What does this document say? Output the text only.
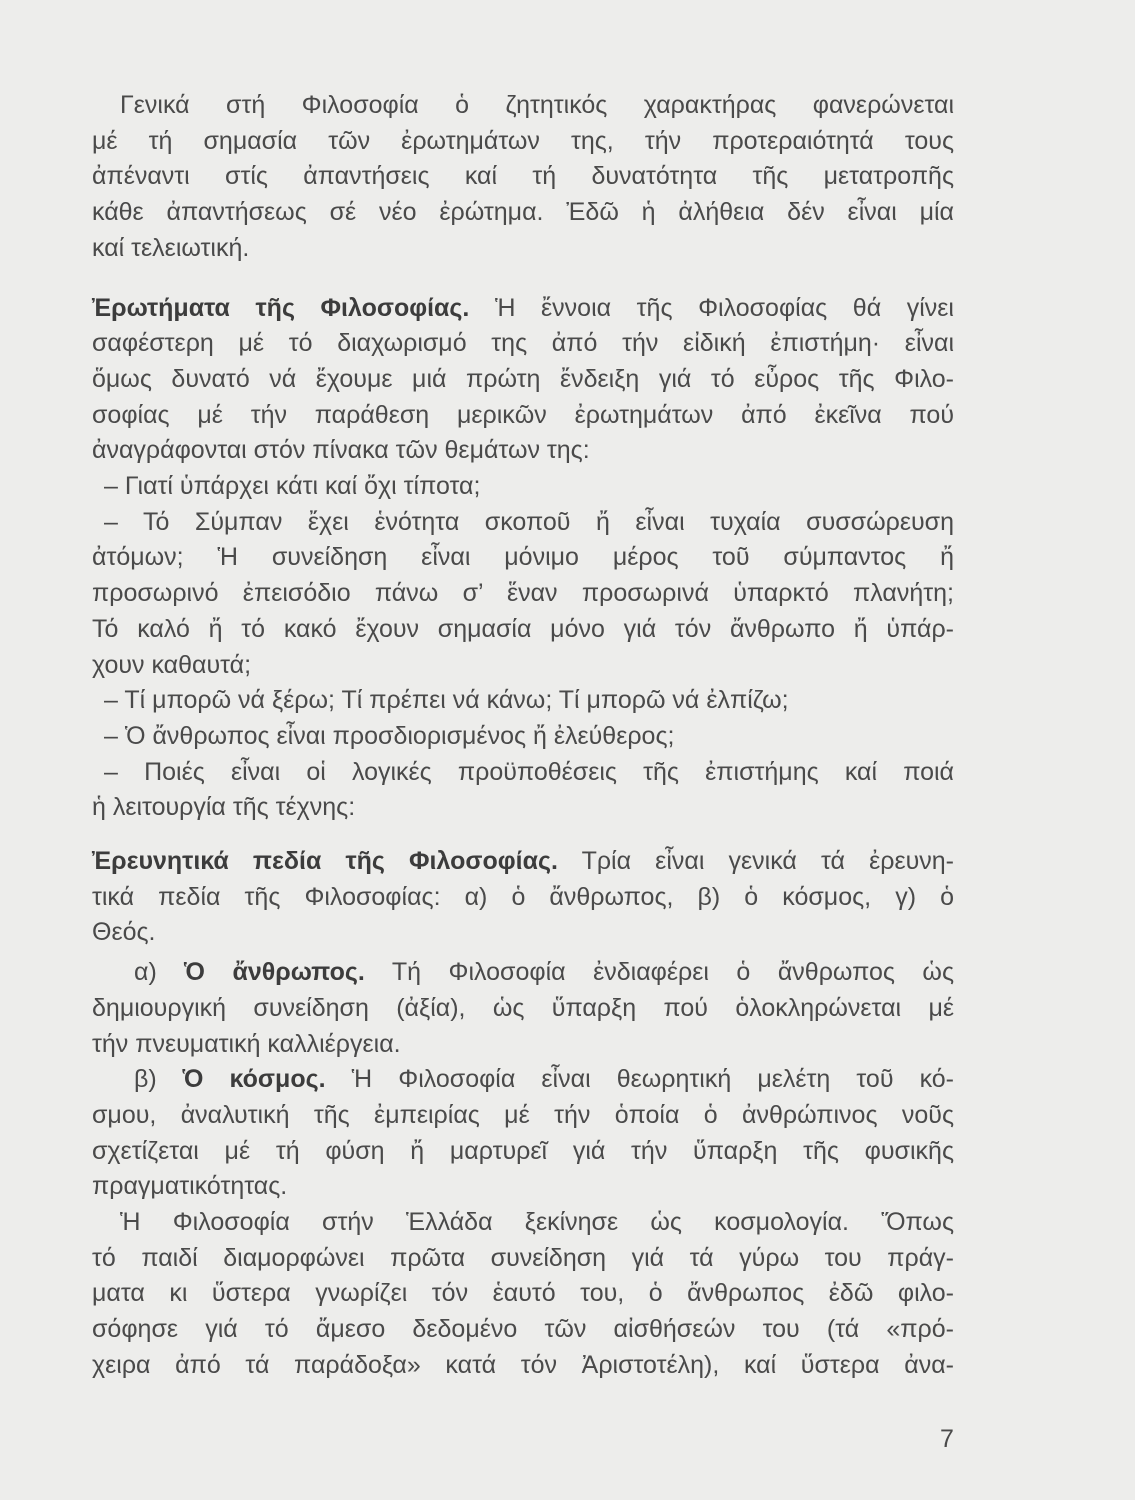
Γενικά στή Φιλοσοφία ὁ ζητητικός χαρακτήρας φανερώνεται
μέ τή σημασία τῶν ἐρωτημάτων της, τήν προτεραιότητά τους
ἀπέναντι στίς ἀπαντήσεις καί τή δυνατότητα τῆς μετατροπῆς
κάθε ἀπαντήσεως σέ νέο ἐρώτημα. Ἐδῶ ἡ ἀλήθεια δέν εἶναι μία
καί τελειωτική.
Ἐρωτήματα τῆς Φιλοσοφίας. Ἡ ἔννοια τῆς Φιλοσοφίας θά γίνει
σαφέστερη μέ τό διαχωρισμό της ἀπό τήν εἰδική ἐπιστήμη· εἶναι
ὅμως δυνατό νά ἔχουμε μιά πρώτη ἔνδειξη γιά τό εὖρος τῆς Φιλο-
σοφίας μέ τήν παράθεση μερικῶν ἐρωτημάτων ἀπό ἐκεῖνα πού
ἀναγράφονται στόν πίνακα τῶν θεμάτων της:
– Γιατί ὑπάρχει κάτι καί ὄχι τίποτα;
– Τό Σύμπαν ἔχει ἑνότητα σκοποῦ ἤ εἶναι τυχαία συσσώρευση
ἀτόμων; Ἡ συνείδηση εἶναι μόνιμο μέρος τοῦ σύμπαντος ἤ
προσωρινό ἐπεισόδιο πάνω σ’ ἕναν προσωρινά ὑπαρκτό πλανήτη;
Τό καλό ἤ τό κακό ἔχουν σημασία μόνο γιά τόν ἄνθρωπο ἤ ὑπάρ-
χουν καθαυτά;
– Τί μπορῶ νά ξέρω; Τί πρέπει νά κάνω; Τί μπορῶ νά ἐλπίζω;
– Ὁ ἄνθρωπος εἶναι προσδιορισμένος ἤ ἐλεύθερος;
– Ποιές εἶναι οἱ λογικές προϋποθέσεις τῆς ἐπιστήμης καί ποιά
ἡ λειτουργία τῆς τέχνης:
Ἐρευνητικά πεδία τῆς Φιλοσοφίας. Τρία εἶναι γενικά τά ἐρευνη-
τικά πεδία τῆς Φιλοσοφίας: α) ὁ ἄνθρωπος, β) ὁ κόσμος, γ) ὁ
Θεός.
α) Ὁ ἄνθρωπος. Τή Φιλοσοφία ἐνδιαφέρει ὁ ἄνθρωπος ὡς
δημιουργική συνείδηση (ἀξία), ὡς ὕπαρξη πού ὁλοκληρώνεται μέ
τήν πνευματική καλλιέργεια.
β) Ὁ κόσμος. Ἡ Φιλοσοφία εἶναι θεωρητική μελέτη τοῦ κό-
σμου, ἀναλυτική τῆς ἐμπειρίας μέ τήν ὁποία ὁ ἀνθρώπινος νοῦς
σχετίζεται μέ τή φύση ἤ μαρτυρεῖ γιά τήν ὕπαρξη τῆς φυσικῆς
πραγματικότητας.
Ἡ Φιλοσοφία στήν Ἑλλάδα ξεκίνησε ὡς κοσμολογία. Ὅπως
τό παιδί διαμορφώνει πρῶτα συνείδηση γιά τά γύρω του πράγ-
ματα κι ὕστερα γνωρίζει τόν ἑαυτό του, ὁ ἄνθρωπος ἐδῶ φιλο-
σόφησε γιά τό ἄμεσο δεδομένο τῶν αἰσθήσεών του (τά «πρό-
χειρα ἀπό τά παράδοξα» κατά τόν Ἀριστοτέλη), καί ὕστερα ἀνα-
7
